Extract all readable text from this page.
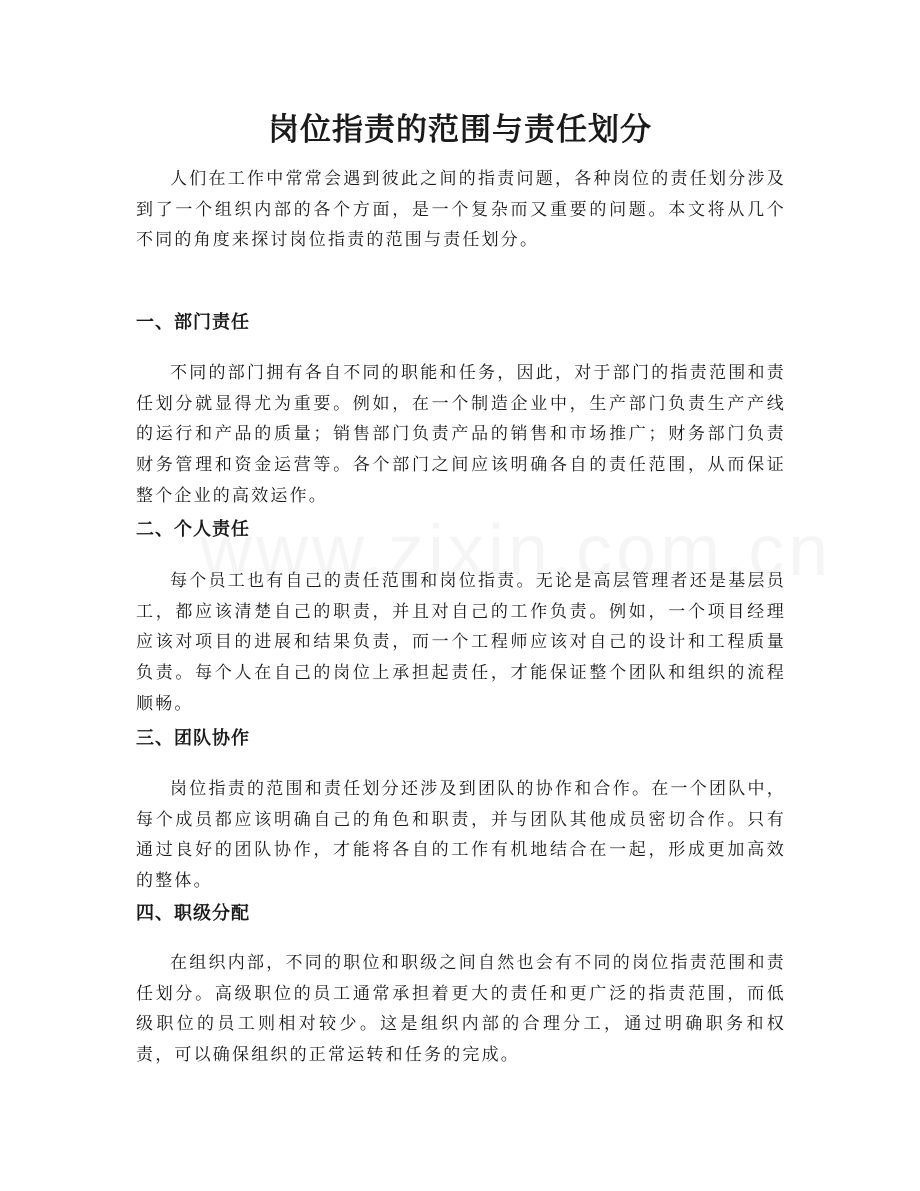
岗位指责的范围与责任划分

人们在工作中常常会遇到彼此之间的指责问题，各种岗位的责任划分涉及到了一个组织内部的各个方面，是一个复杂而又重要的问题。本文将从几个不同的角度来探讨岗位指责的范围与责任划分。

一、部门责任

不同的部门拥有各自不同的职能和任务，因此，对于部门的指责范围和责任划分就显得尤为重要。例如，在一个制造企业中，生产部门负责生产产线的运行和产品的质量；销售部门负责产品的销售和市场推广；财务部门负责财务管理和资金运营等。各个部门之间应该明确各自的责任范围，从而保证整个企业的高效运作。

二、个人责任

每个员工也有自己的责任范围和岗位指责。无论是高层管理者还是基层员工，都应该清楚自己的职责，并且对自己的工作负责。例如，一个项目经理应该对项目的进展和结果负责，而一个工程师应该对自己的设计和工程质量负责。每个人在自己的岗位上承担起责任，才能保证整个团队和组织的流程顺畅。

三、团队协作

岗位指责的范围和责任划分还涉及到团队的协作和合作。在一个团队中，每个成员都应该明确自己的角色和职责，并与团队其他成员密切合作。只有通过良好的团队协作，才能将各自的工作有机地结合在一起，形成更加高效的整体。

四、职级分配

在组织内部，不同的职位和职级之间自然也会有不同的岗位指责范围和责任划分。高级职位的员工通常承担着更大的责任和更广泛的指责范围，而低级职位的员工则相对较少。这是组织内部的合理分工，通过明确职务和权责，可以确保组织的正常运转和任务的完成。
